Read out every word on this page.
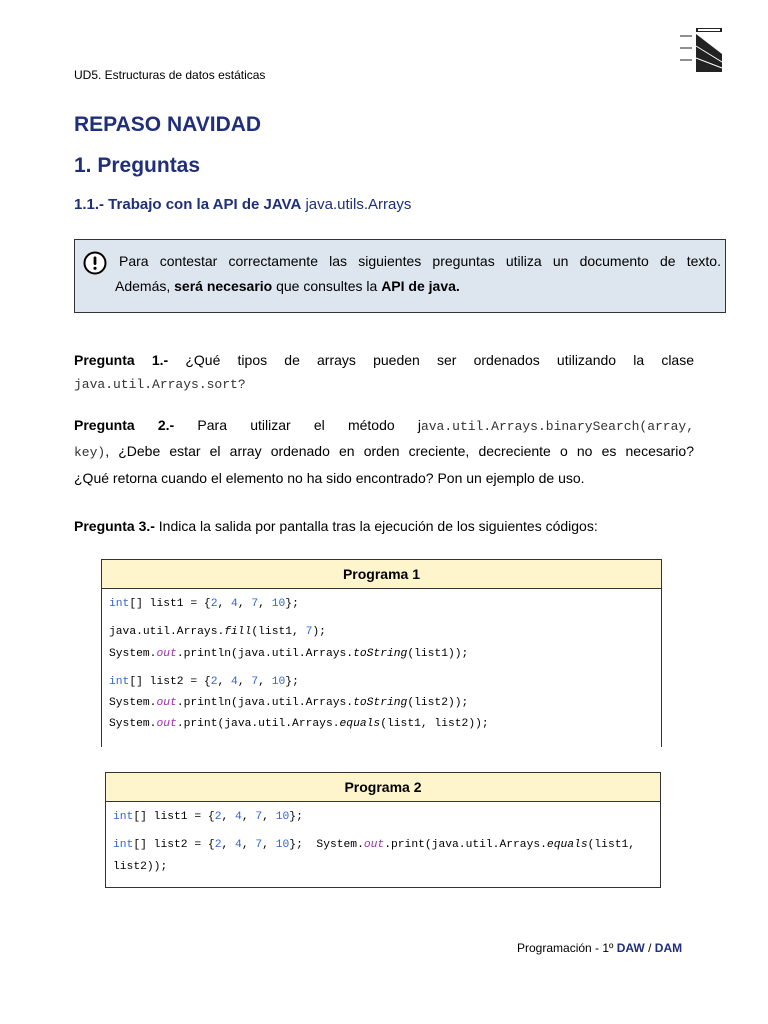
UD5. Estructuras de datos estáticas
REPASO NAVIDAD
1. Preguntas
1.1.- Trabajo con la API de JAVA java.utils.Arrays
Para contestar correctamente las siguientes preguntas utiliza un documento de texto.
Además, será necesario que consultes la API de java.
Pregunta 1.- ¿Qué tipos de arrays pueden ser ordenados utilizando la clase
java.util.Arrays.sort?
Pregunta 2.- Para utilizar el método java.util.Arrays.binarySearch(array,
key), ¿Debe estar el array ordenado en orden creciente, decreciente o no es necesario?
¿Qué retorna cuando el elemento no ha sido encontrado? Pon un ejemplo de uso.
Pregunta 3.- Indica la salida por pantalla tras la ejecución de los siguientes códigos:
Programa 1
int[] list1 = {2, 4, 7, 10};
java.util.Arrays.fill(list1, 7);
System.out.println(java.util.Arrays.toString(list1));
int[] list2 = {2, 4, 7, 10};
System.out.println(java.util.Arrays.toString(list2));
System.out.print(java.util.Arrays.equals(list1, list2));
Programa 2
int[] list1 = {2, 4, 7, 10};
int[] list2 = {2, 4, 7, 10};  System.out.print(java.util.Arrays.equals(list1,
list2));
Programación - 1º DAW / DAM
